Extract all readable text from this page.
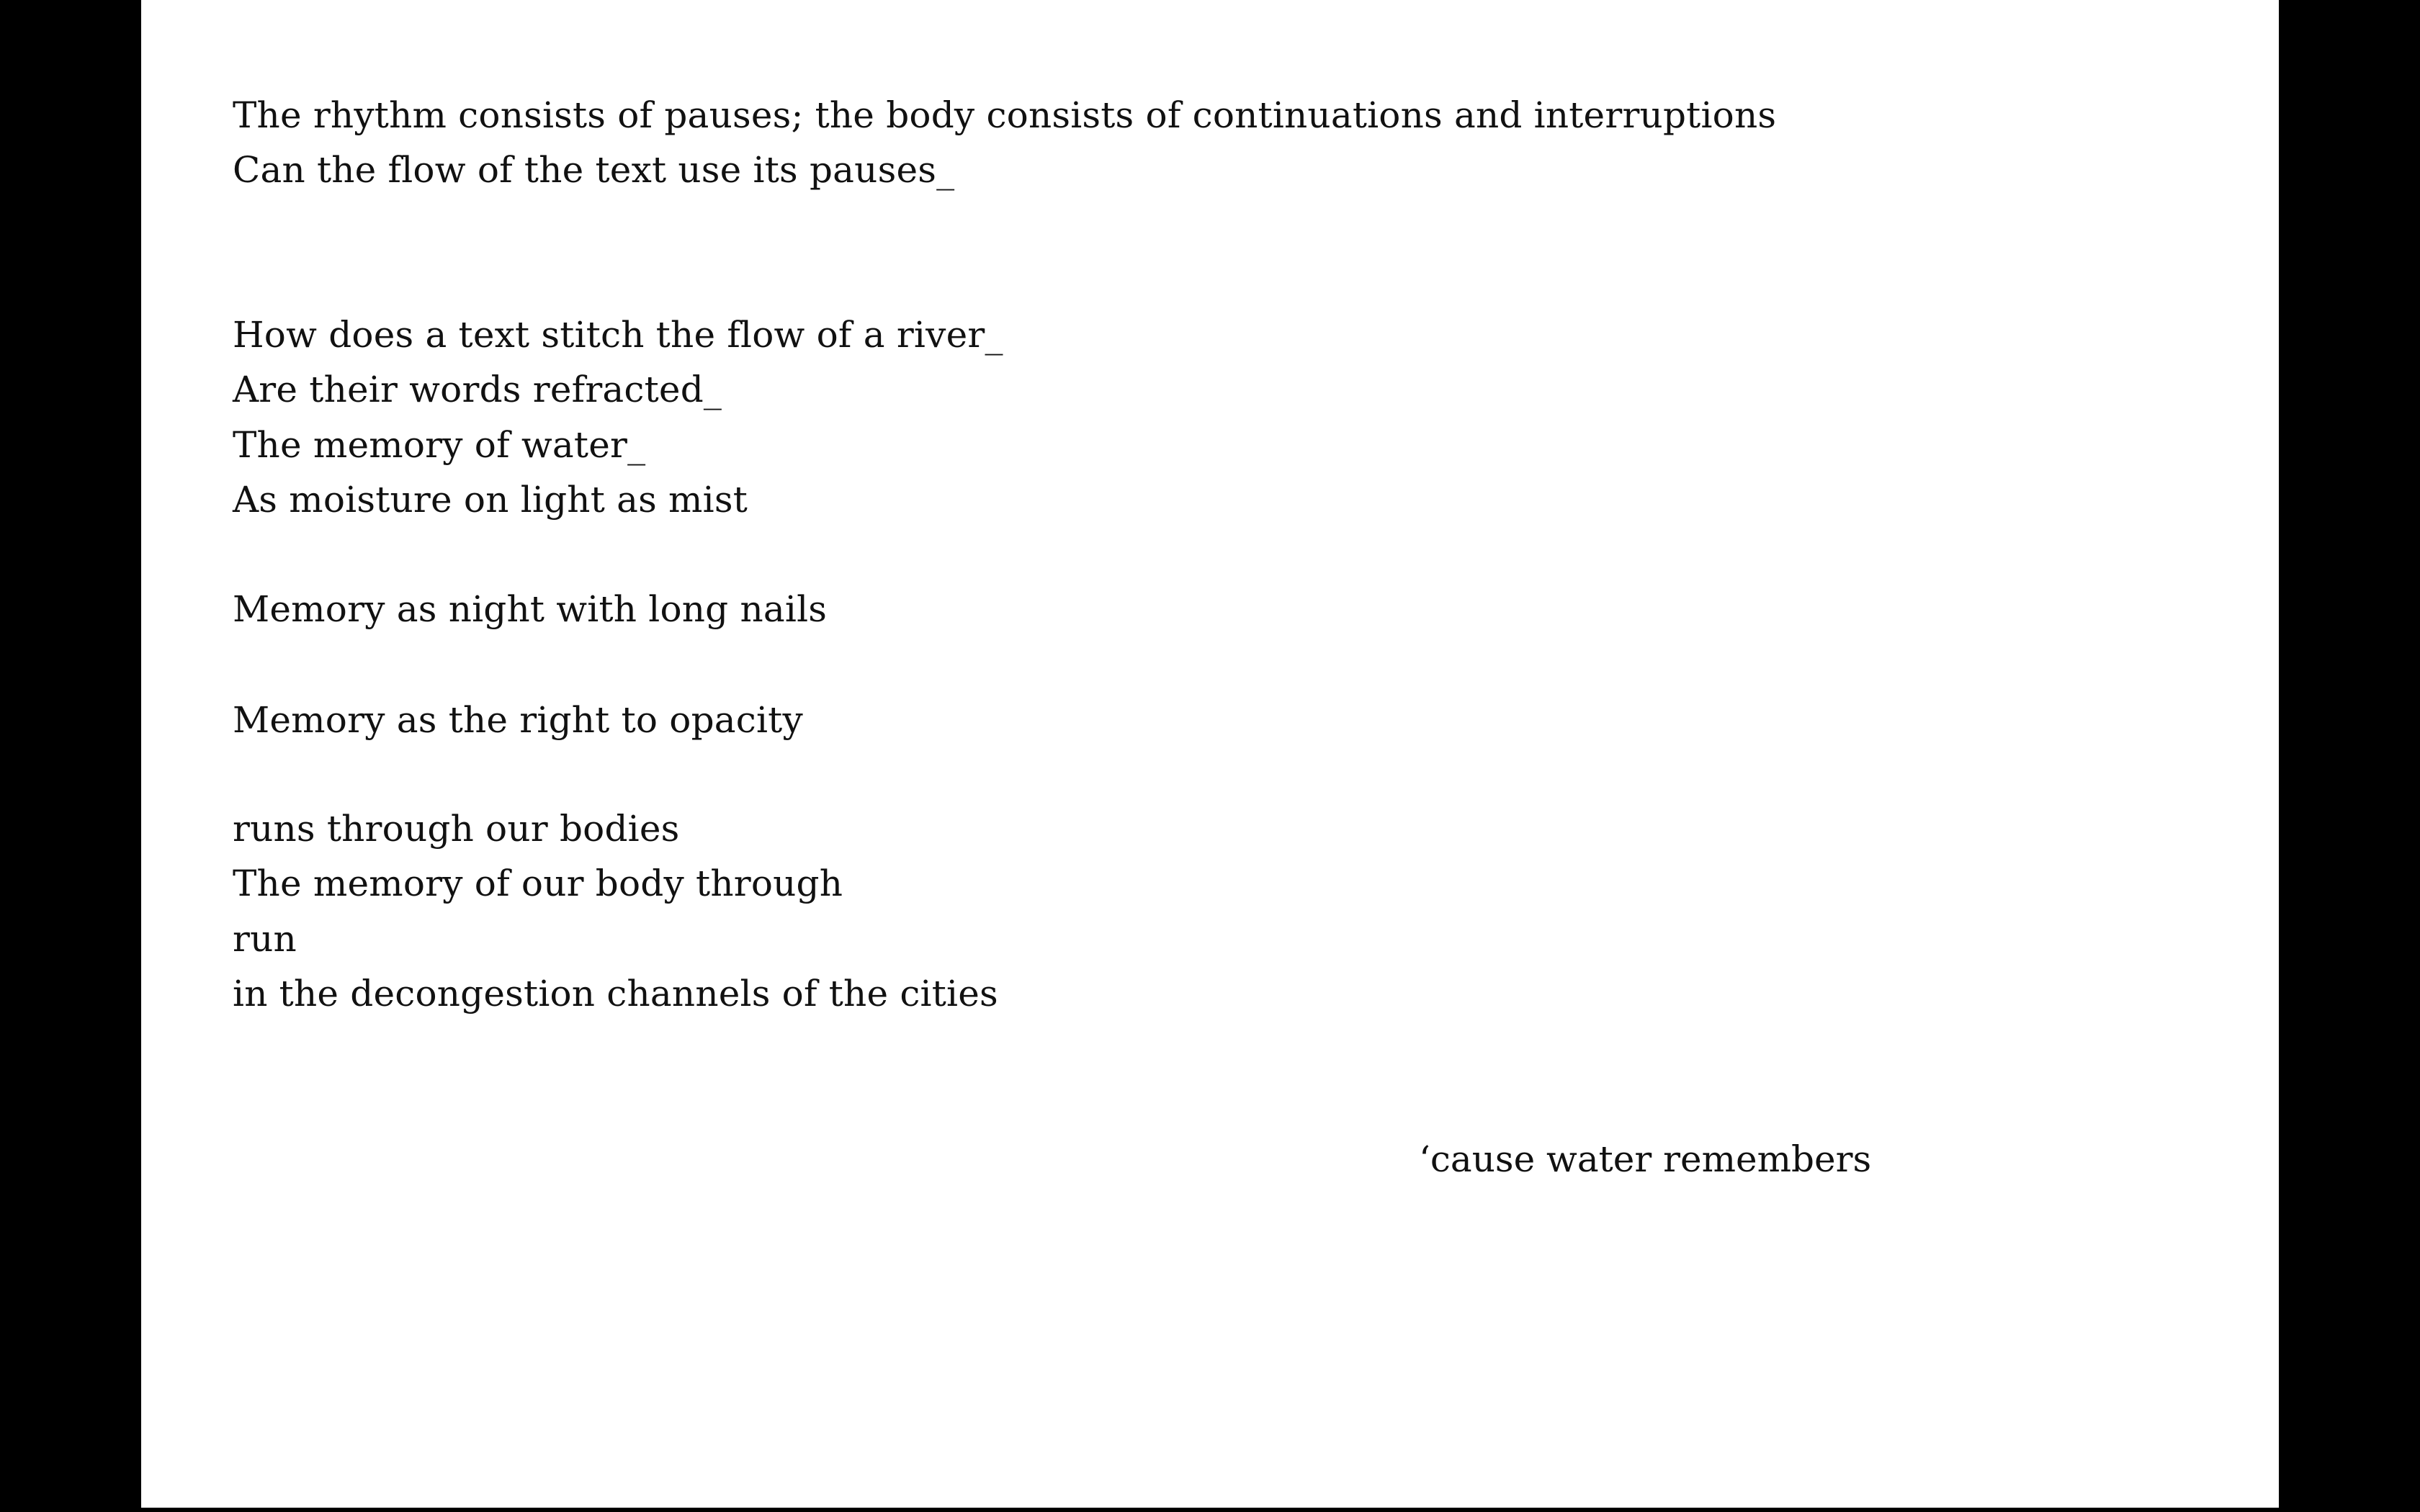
The rhythm consists of pauses; the body consists of continuations and interruptions

Can the flow of the text use its pauses_

How does a text stitch the flow of a river_

Are their words refracted_

The memory of water_

As moisture on light as mist

Memory as night with long nails

Memory as the right to opacity

runs through our bodies

The memory of our body through

run

in the decongestion channels of the cities

‘cause water remembers
